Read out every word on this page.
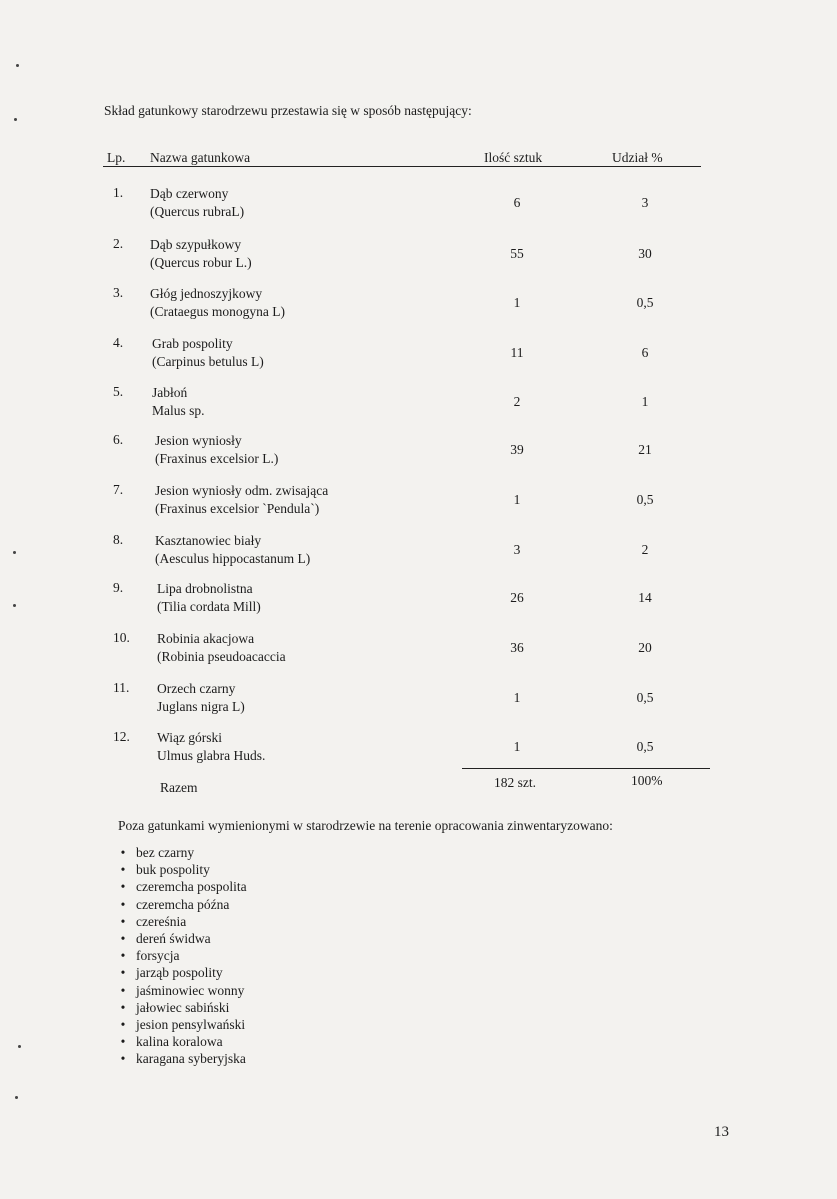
Skład gatunkowy starodrzewu przestawia się w sposób następujący:
Lp. Nazwa gatunkowa	Ilość sztuk	Udział %
1. Dąb czerwony
(Quercus rubraL)
6	3
2. Dąb szypułkowy
(Quercus robur L.)
55	30
3. Głóg jednoszyjkowy
(Crataegus monogyna L)
1	0,5
4. Grab pospolity
(Carpinus betulus L)
11	6
5. Jabłoń
Malus sp.
2	1
6. Jesion wyniosły
(Fraxinus excelsior L.)
39	21
7. Jesion wyniosły odm. zwisająca
(Fraxinus excelsior `Pendula`)
1	0,5
8. Kasztanowiec biały
(Aesculus hippocastanum L)
3	2
9.	Lipa drobnolistna
(Tilia cordata Mill)
26	14
10. Robinia akacjowa
(Robinia pseudoacaccia
36	20
11. Orzech czarny
Juglans nigra L)
1	0,5
12. Wiąz górski
Ulmus glabra Huds.
1	0,5
Razem	182 szt.	100%
Poza gatunkami wymienionymi w starodrzewie na terenie opracowania zinwentaryzowano:
• bez czarny
• buk pospolity
• czeremcha pospolita
• czeremcha późna
• czereśnia
• dereń świdwa
• forsycja
• jarząb pospolity
• jaśminowiec wonny
• jałowiec sabiński
• jesion pensylwański
• kalina koralowa
• karagana syberyjska
13
